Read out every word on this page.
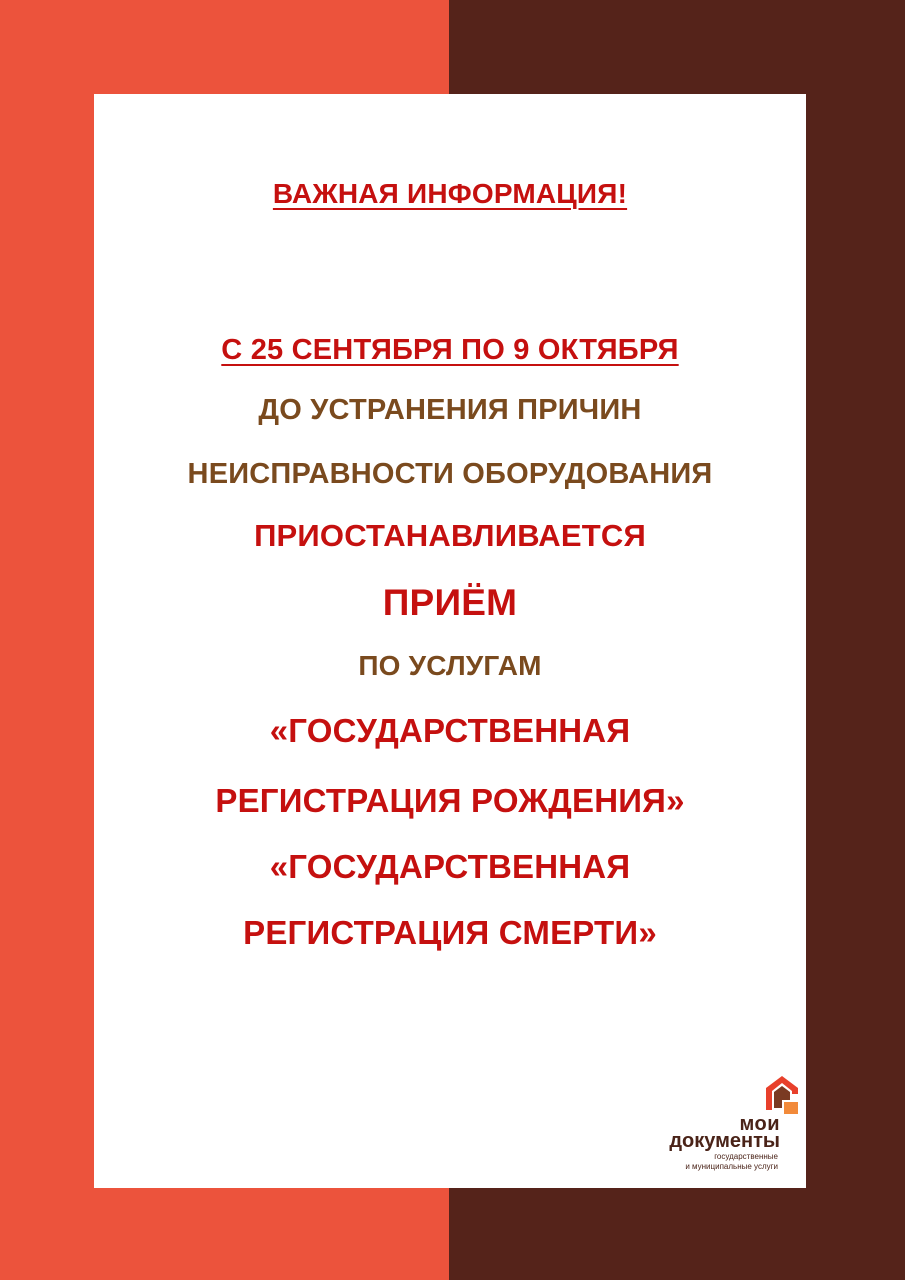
ВАЖНАЯ ИНФОРМАЦИЯ!
С 25 СЕНТЯБРЯ ПО 9 ОКТЯБРЯ
ДО УСТРАНЕНИЯ ПРИЧИН
НЕИСПРАВНОСТИ ОБОРУДОВАНИЯ
ПРИОСТАНАВЛИВАЕТСЯ
ПРИЁМ
ПО УСЛУГАМ
«ГОСУДАРСТВЕННАЯ
РЕГИСТРАЦИЯ РОЖДЕНИЯ»
«ГОСУДАРСТВЕННАЯ
РЕГИСТРАЦИЯ СМЕРТИ»
мои
документы
государственные
и муниципальные услуги
